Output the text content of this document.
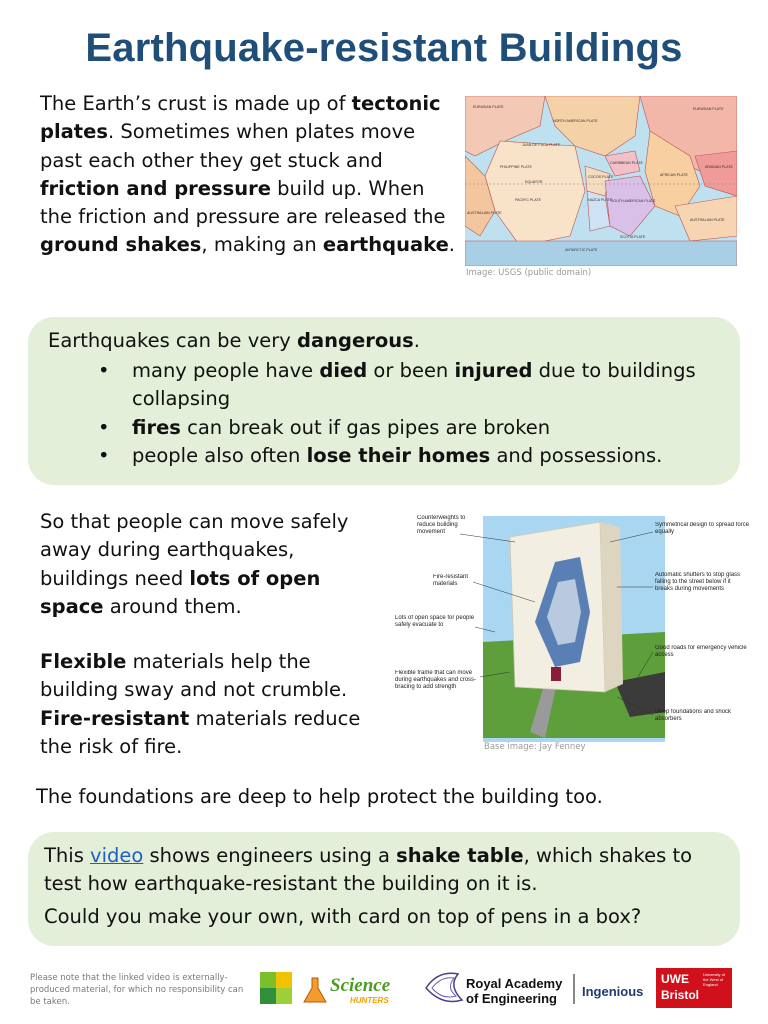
Earthquake-resistant Buildings

The Earth’s crust is made up of tectonic plates. Sometimes when plates move past each other they get stuck and friction and pressure build up. When the friction and pressure are released the ground shakes, making an earthquake.

EURASIAN PLATE
NORTH AMERICAN PLATE
JUAN DE FUCA PLATE
PHILIPPINE PLATE
PACIFIC PLATE
CARIBBEAN PLATE
COCOS PLATE
NAZCA PLATE
SOUTH AMERICAN PLATE
AFRICAN PLATE
ARABIAN PLATE
AUSTRALIAN PLATE
ANTARCTIC PLATE
SCOTIA PLATE
EURASIAN PLATE
AUSTRALIAN PLATE
EQUATOR

Image: USGS (public domain)

Earthquakes can be very dangerous.

• many people have died or been injured due to buildings collapsing
• fires can break out if gas pipes are broken
• people also often lose their homes and possessions.

So that people can move safely away during earthquakes, buildings need lots of open space around them.

Counterweights to reduce building movement
Fire-resistant materials
Lots of open space for people safely evacuate to
Flexible frame that can move during earthquakes and cross-bracing to add strength
Symmetrical design to spread force equally
Automatic shutters to stop glass falling to the street below if it breaks during movements
Good roads for emergency vehicle access
Deep foundations and shock absorbers

Base image: Jay Fenney

Flexible materials help the building sway and not crumble. Fire-resistant materials reduce the risk of fire.

The foundations are deep to help protect the building too.

This video shows engineers using a shake table, which shakes to test how earthquake-resistant the building on it is.

Could you make your own, with card on top of pens in a box?

Please note that the linked video is externally-produced material, for which no responsibility can be taken.

Science
HUNTERS
Royal Academy
of Engineering Ingenious
UWE
Bristol
University of the West of England
